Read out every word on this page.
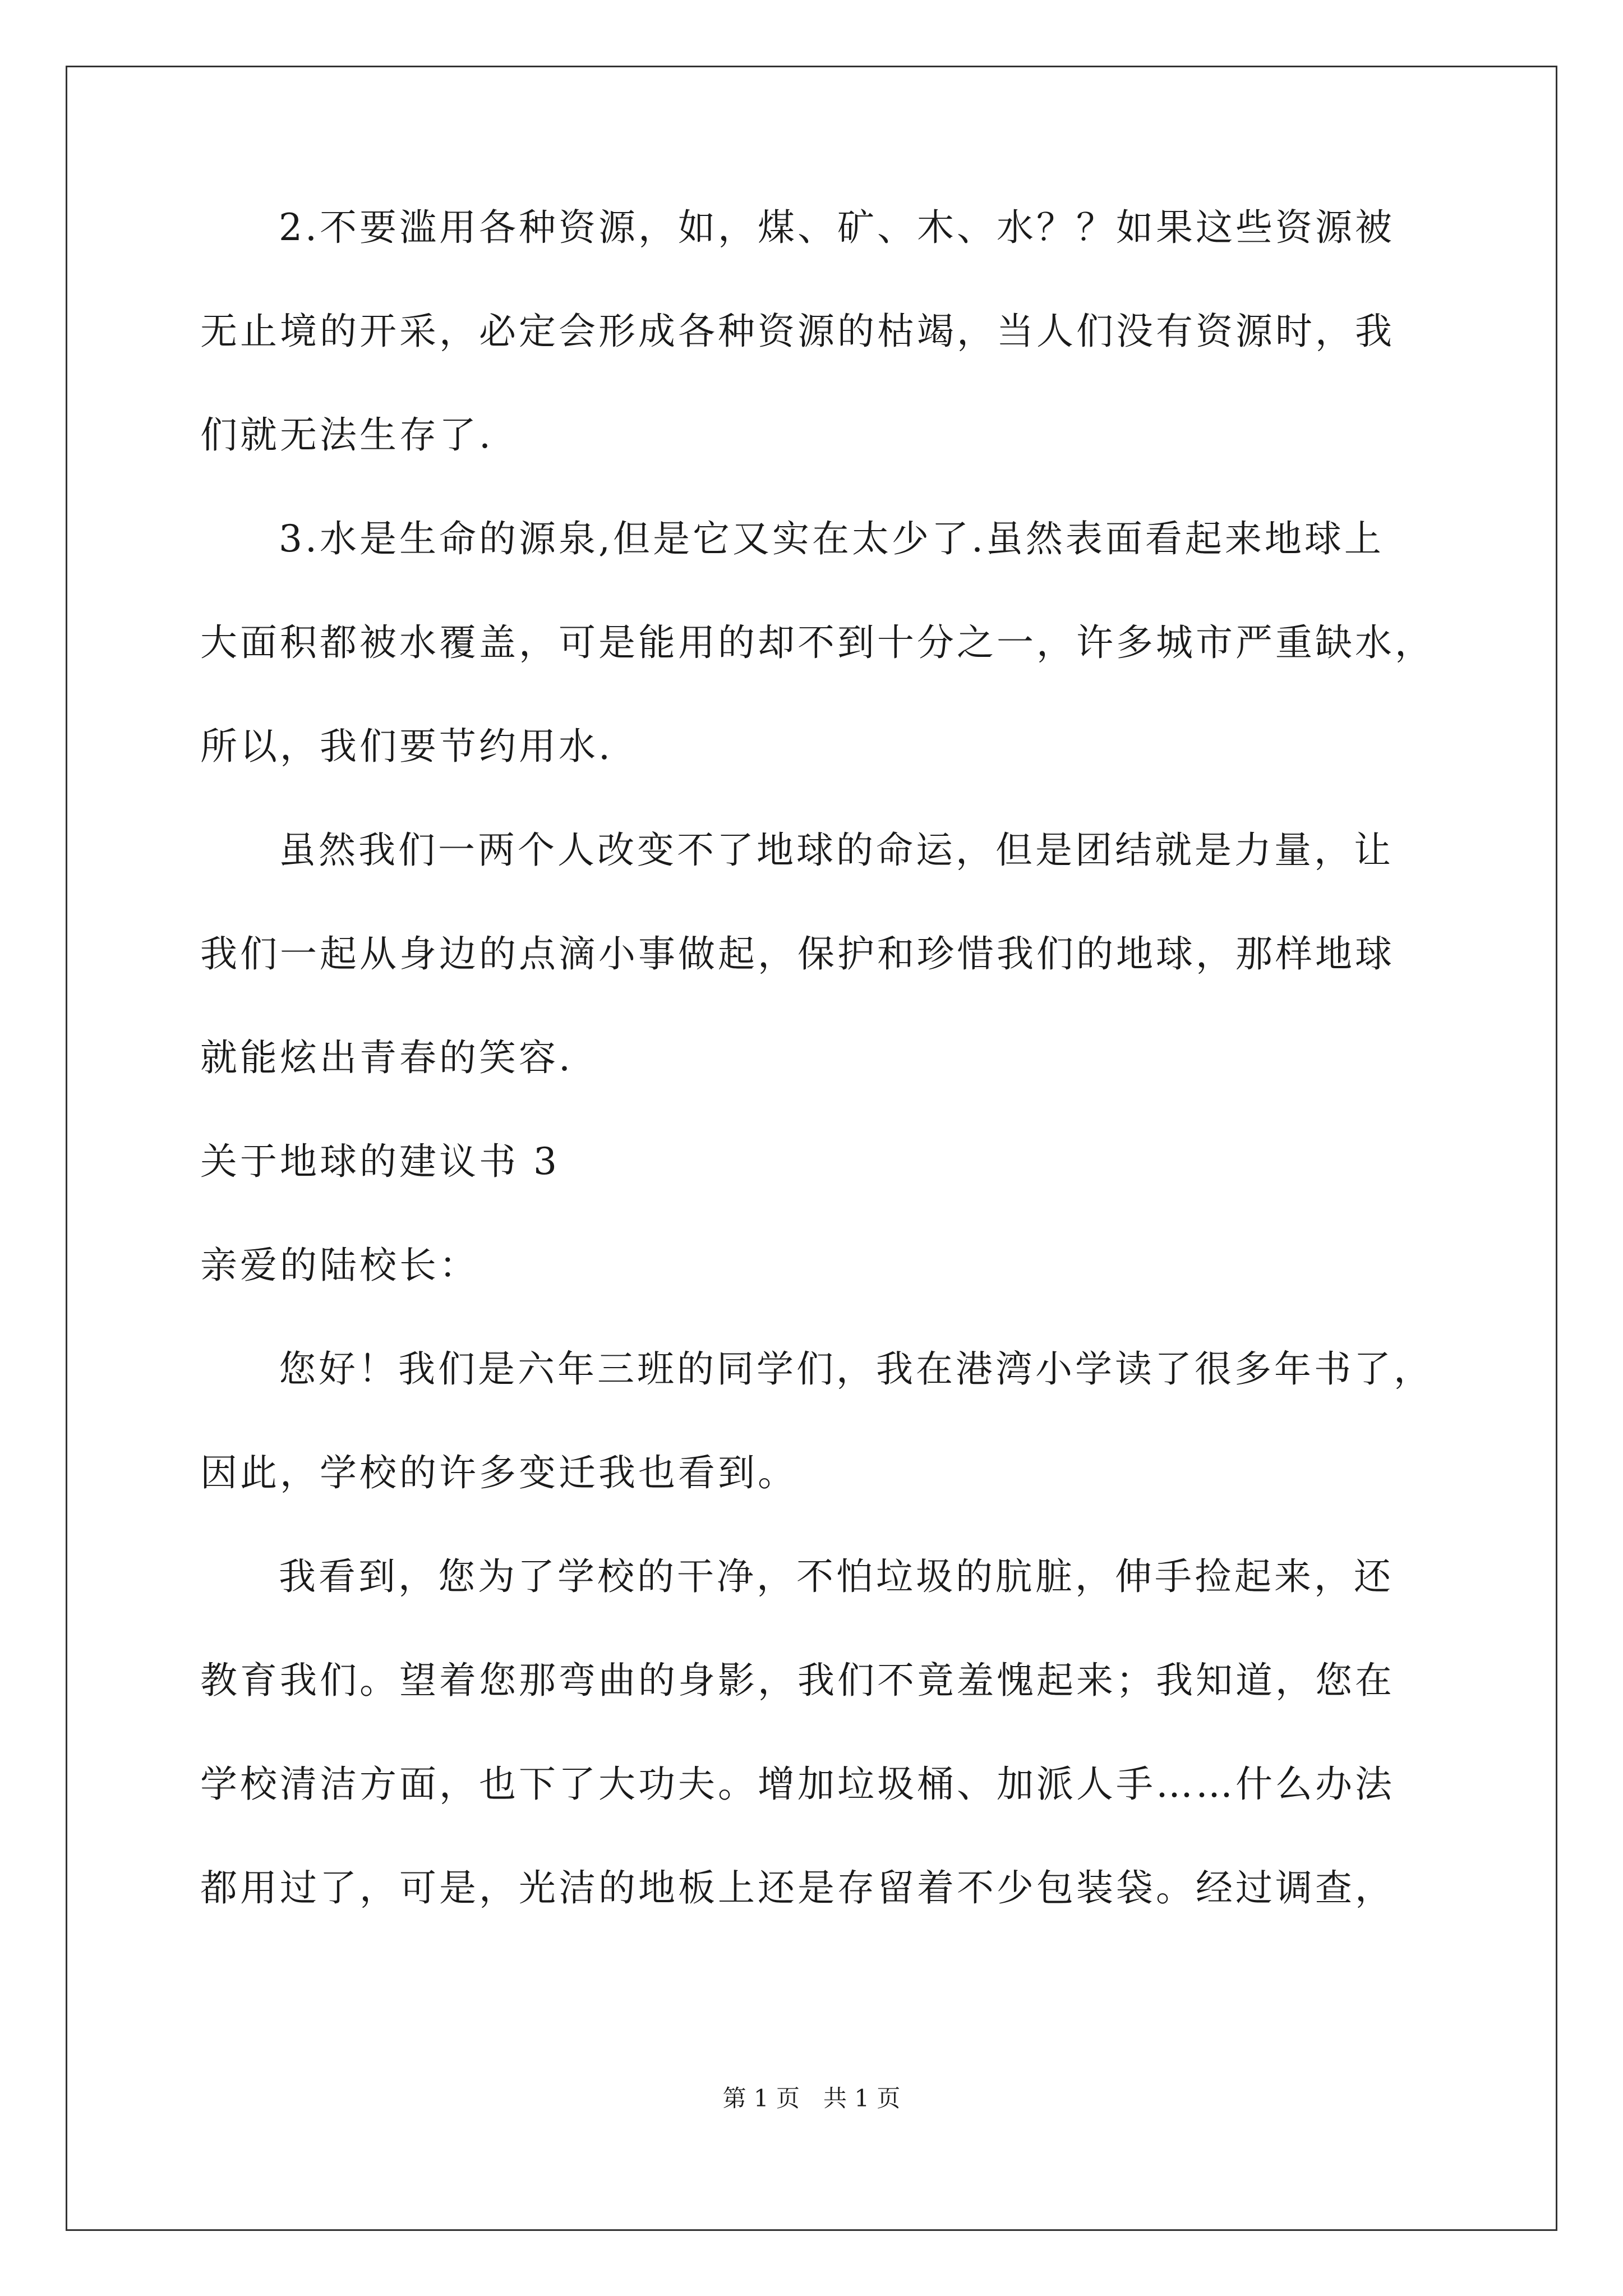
2.不要滥用各种资源，如，煤、矿、木、水？？如果这些资源被
无止境的开采，必定会形成各种资源的枯竭，当人们没有资源时，我
们就无法生存了.
3.水是生命的源泉,但是它又实在太少了.虽然表面看起来地球上
大面积都被水覆盖，可是能用的却不到十分之一，许多城市严重缺水，
所以，我们要节约用水.
虽然我们一两个人改变不了地球的命运，但是团结就是力量，让
我们一起从身边的点滴小事做起，保护和珍惜我们的地球，那样地球
就能炫出青春的笑容.
关于地球的建议书 3
亲爱的陆校长：
您好！我们是六年三班的同学们，我在港湾小学读了很多年书了，
因此，学校的许多变迁我也看到。
我看到，您为了学校的干净，不怕垃圾的肮脏，伸手捡起来，还
教育我们。望着您那弯曲的身影，我们不竟羞愧起来；我知道，您在
学校清洁方面，也下了大功夫。增加垃圾桶、加派人手……什么办法
都用过了，可是，光洁的地板上还是存留着不少包装袋。经过调查，
第 1 页　共 1 页
